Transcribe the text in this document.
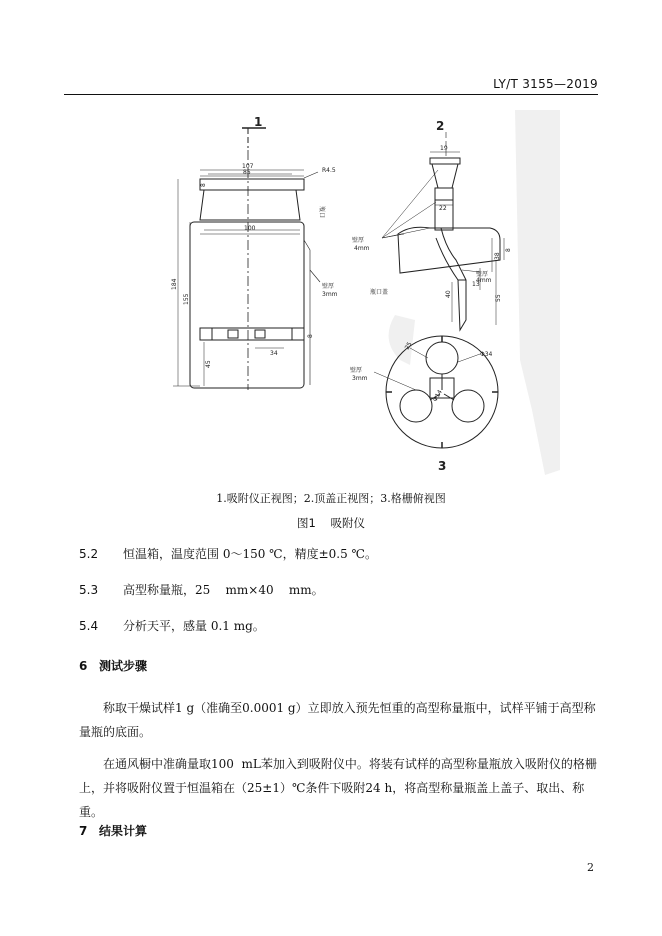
LY/T 3155—2019
1
107
85	R4.5
8
瓶口
100
184
155
45
8
34
壁厚
3mm
2
19
22
38
8
13
40
55
壁厚
4mm
壁厚
4mm
瓶口盖
25
Φ34
壁厚
3mm
Φ14
3
1.吸附仪正视图；2.顶盖正视图；3.格栅俯视图
图1    吸附仪
5.2 恒温箱，温度范围 0～150 ℃，精度±0.5 ℃。
5.3 高型称量瓶，25    mm×40    mm。
5.4 分析天平，感量 0.1 mg。
6 测试步骤
称取干燥试样1 g（准确至0.0001 g）立即放入预先恒重的高型称量瓶中，试样平铺于高型称量瓶的底面。
在通风橱中准确量取100  mL苯加入到吸附仪中。将装有试样的高型称量瓶放入吸附仪的格栅上，并将吸附仪置于恒温箱在（25±1）℃条件下吸附24 h，将高型称量瓶盖上盖子、取出、称重。
7 结果计算
2
